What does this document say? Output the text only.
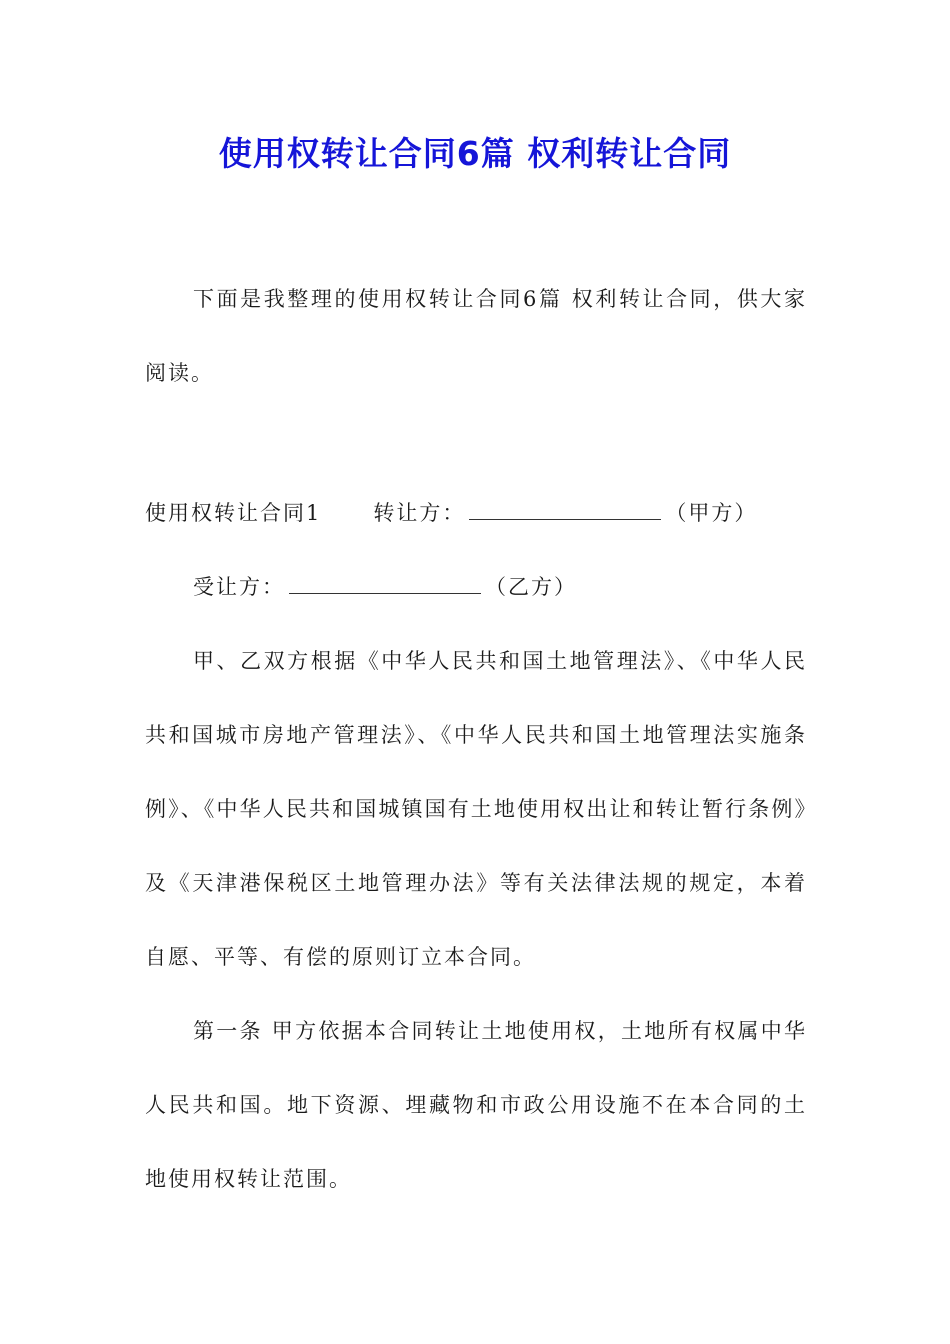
使用权转让合同6篇 权利转让合同

下面是我整理的使用权转让合同6篇 权利转让合同，供大家阅读。

使用权转让合同1 转让方：	（甲方）

受让方：	（乙方）

甲、乙双方根据《中华人民共和国土地管理法》、《中华人民共和国城市房地产管理法》、《中华人民共和国土地管理法实施条例》、《中华人民共和国城镇国有土地使用权出让和转让暂行条例》及《天津港保税区土地管理办法》等有关法律法规的规定，本着自愿、平等、有偿的原则订立本合同。

第一条 甲方依据本合同转让土地使用权，土地所有权属中华人民共和国。地下资源、埋藏物和市政公用设施不在本合同的土地使用权转让范围。
